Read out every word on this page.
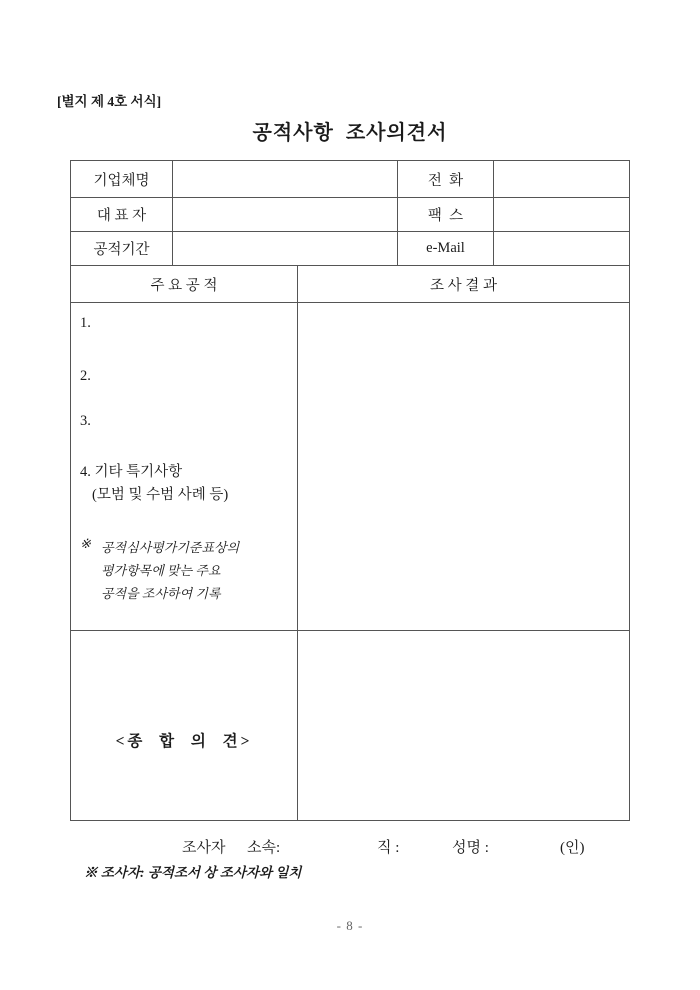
[별지 제 4호 서식]
공적사항  조사의견서
기업체명			전  화	
대 표 자			팩  스	
공적기간			e-Mail	
주 요 공 적		조 사 결 과		

1.
2.
3.
4. 기타 특기사항
(모범 및 수범 사례 등)
※ 공적심사평가기준표상의
평가항목에 맞는 주요
공적을 조사하여 기록

<종  합  의  견>				
조사자 소속:	직 :	성명 :	(인)
※ 조사자: 공적조서 상 조사자와 일치
- 8 -
